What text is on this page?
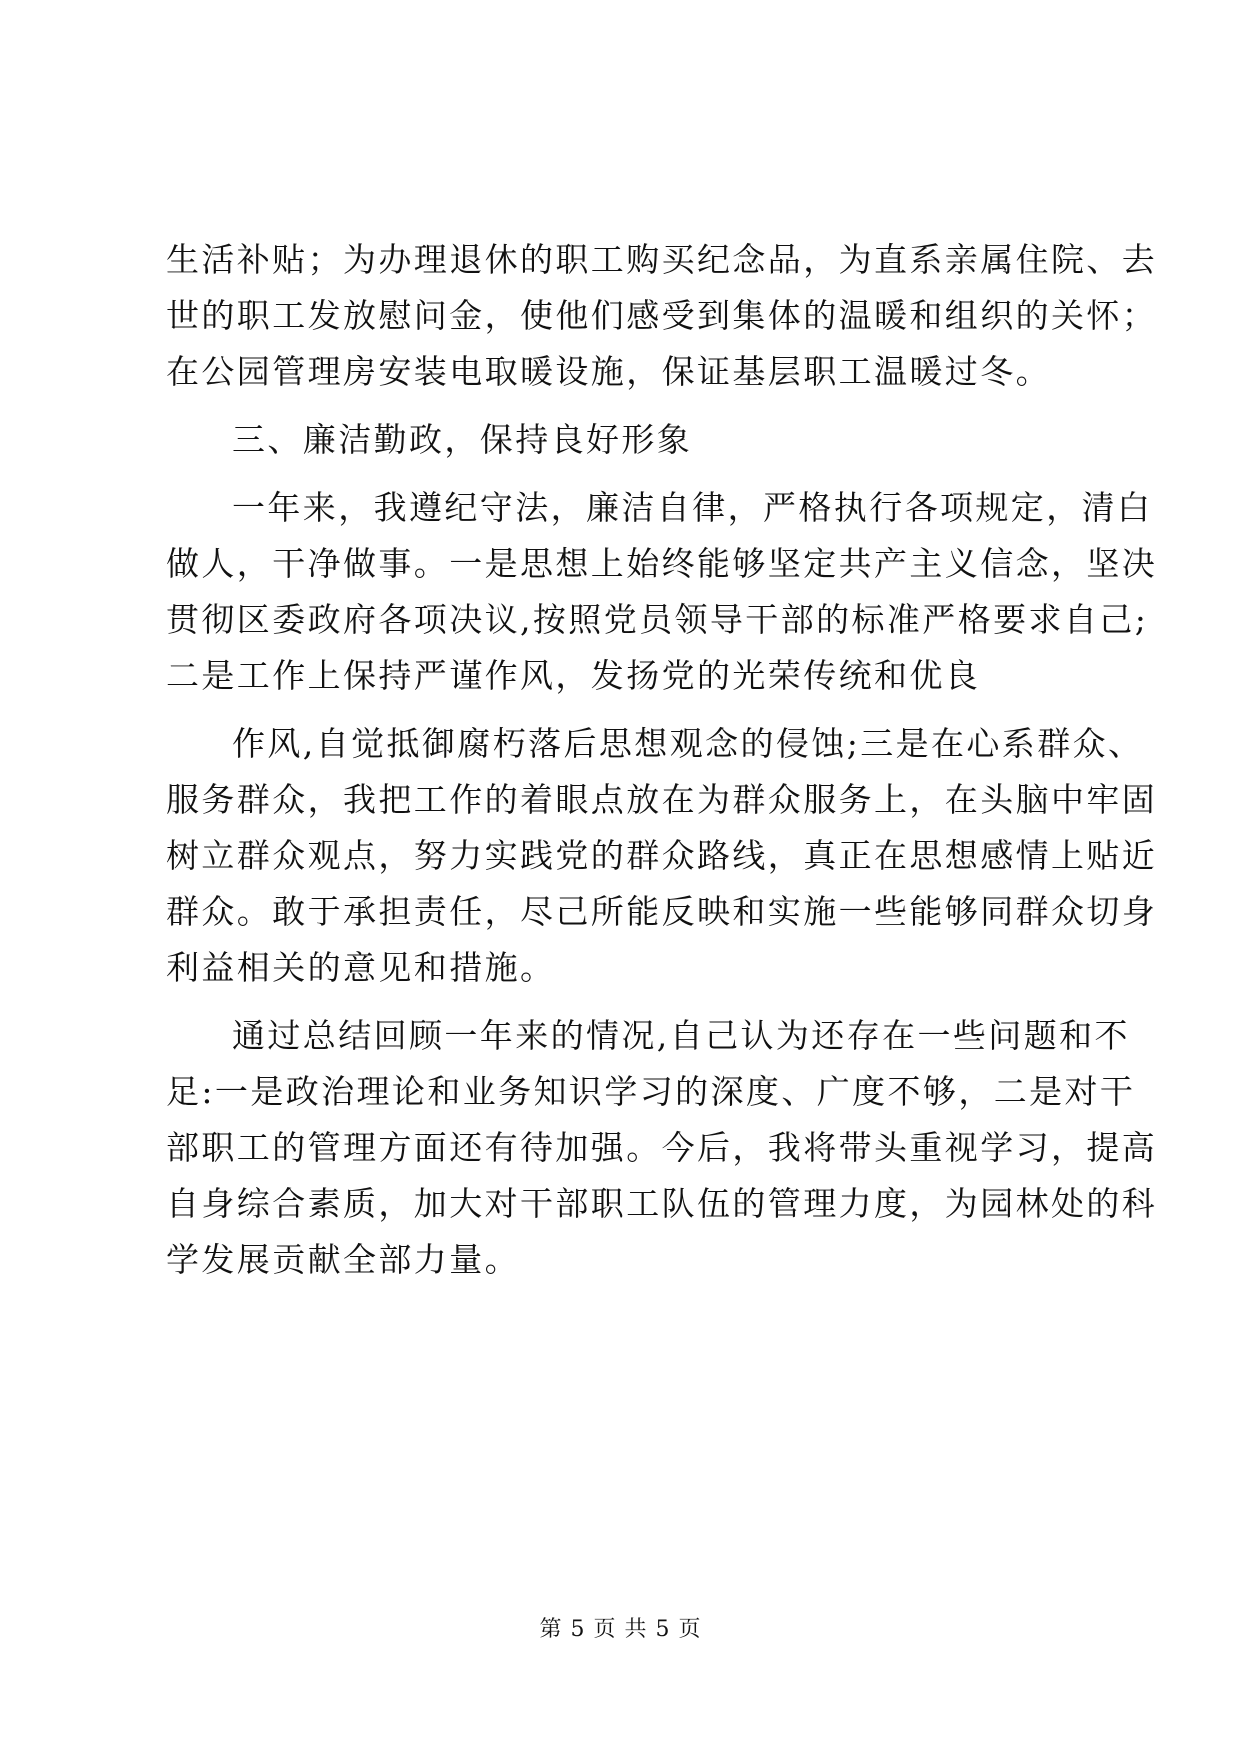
生活补贴；为办理退休的职工购买纪念品，为直系亲属住院、去
世的职工发放慰问金，使他们感受到集体的温暖和组织的关怀；
在公园管理房安装电取暖设施，保证基层职工温暖过冬。
三、廉洁勤政，保持良好形象
一年来，我遵纪守法，廉洁自律，严格执行各项规定，清白
做人，干净做事。一是思想上始终能够坚定共产主义信念，坚决
贯彻区委政府各项决议,按照党员领导干部的标准严格要求自己;
二是工作上保持严谨作风，发扬党的光荣传统和优良
作风,自觉抵御腐朽落后思想观念的侵蚀;三是在心系群众、
服务群众，我把工作的着眼点放在为群众服务上，在头脑中牢固
树立群众观点，努力实践党的群众路线，真正在思想感情上贴近
群众。敢于承担责任，尽己所能反映和实施一些能够同群众切身
利益相关的意见和措施。
通过总结回顾一年来的情况,自己认为还存在一些问题和不
足:一是政治理论和业务知识学习的深度、广度不够，二是对干
部职工的管理方面还有待加强。今后，我将带头重视学习，提高
自身综合素质，加大对干部职工队伍的管理力度，为园林处的科
学发展贡献全部力量。
第 5 页 共 5 页
